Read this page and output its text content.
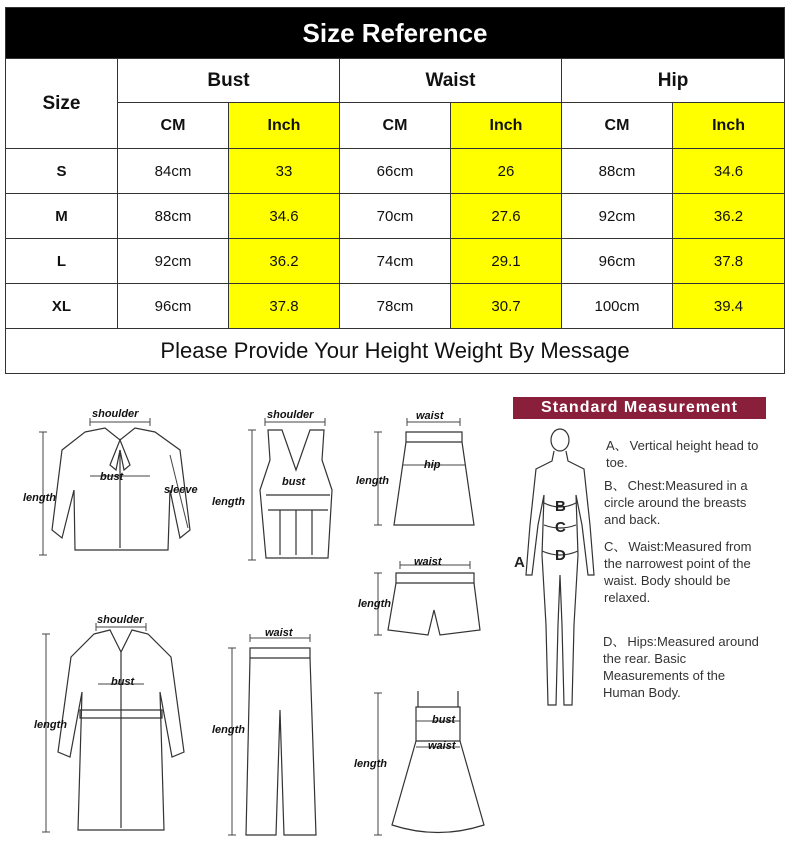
Size Reference						
Size	Bust		Waist		Hip	
	CM	Inch	CM	Inch	CM	Inch
S	84cm	33	66cm	26	88cm	34.6
M	88cm	34.6	70cm	27.6	92cm	36.2
L	92cm	36.2	74cm	29.1	96cm	37.8
XL	96cm	37.8	78cm	30.7	100cm	39.4
Please Provide Your Height Weight By Message						
shoulder
bust
sleeve
length
shoulder
bust
length
waist
hip
length
waist
length
shoulder
bust
length
waist
length
bust
waist
length
Standard Measurement
A
B
C
D
A、 Vertical height head to toe.
B、 Chest:Measured in a circle around the breasts and back.
C、 Waist:Measured from the narrowest point of the waist. Body should be relaxed.
D、 Hips:Measured around the rear. Basic Measurements of the Human Body.
